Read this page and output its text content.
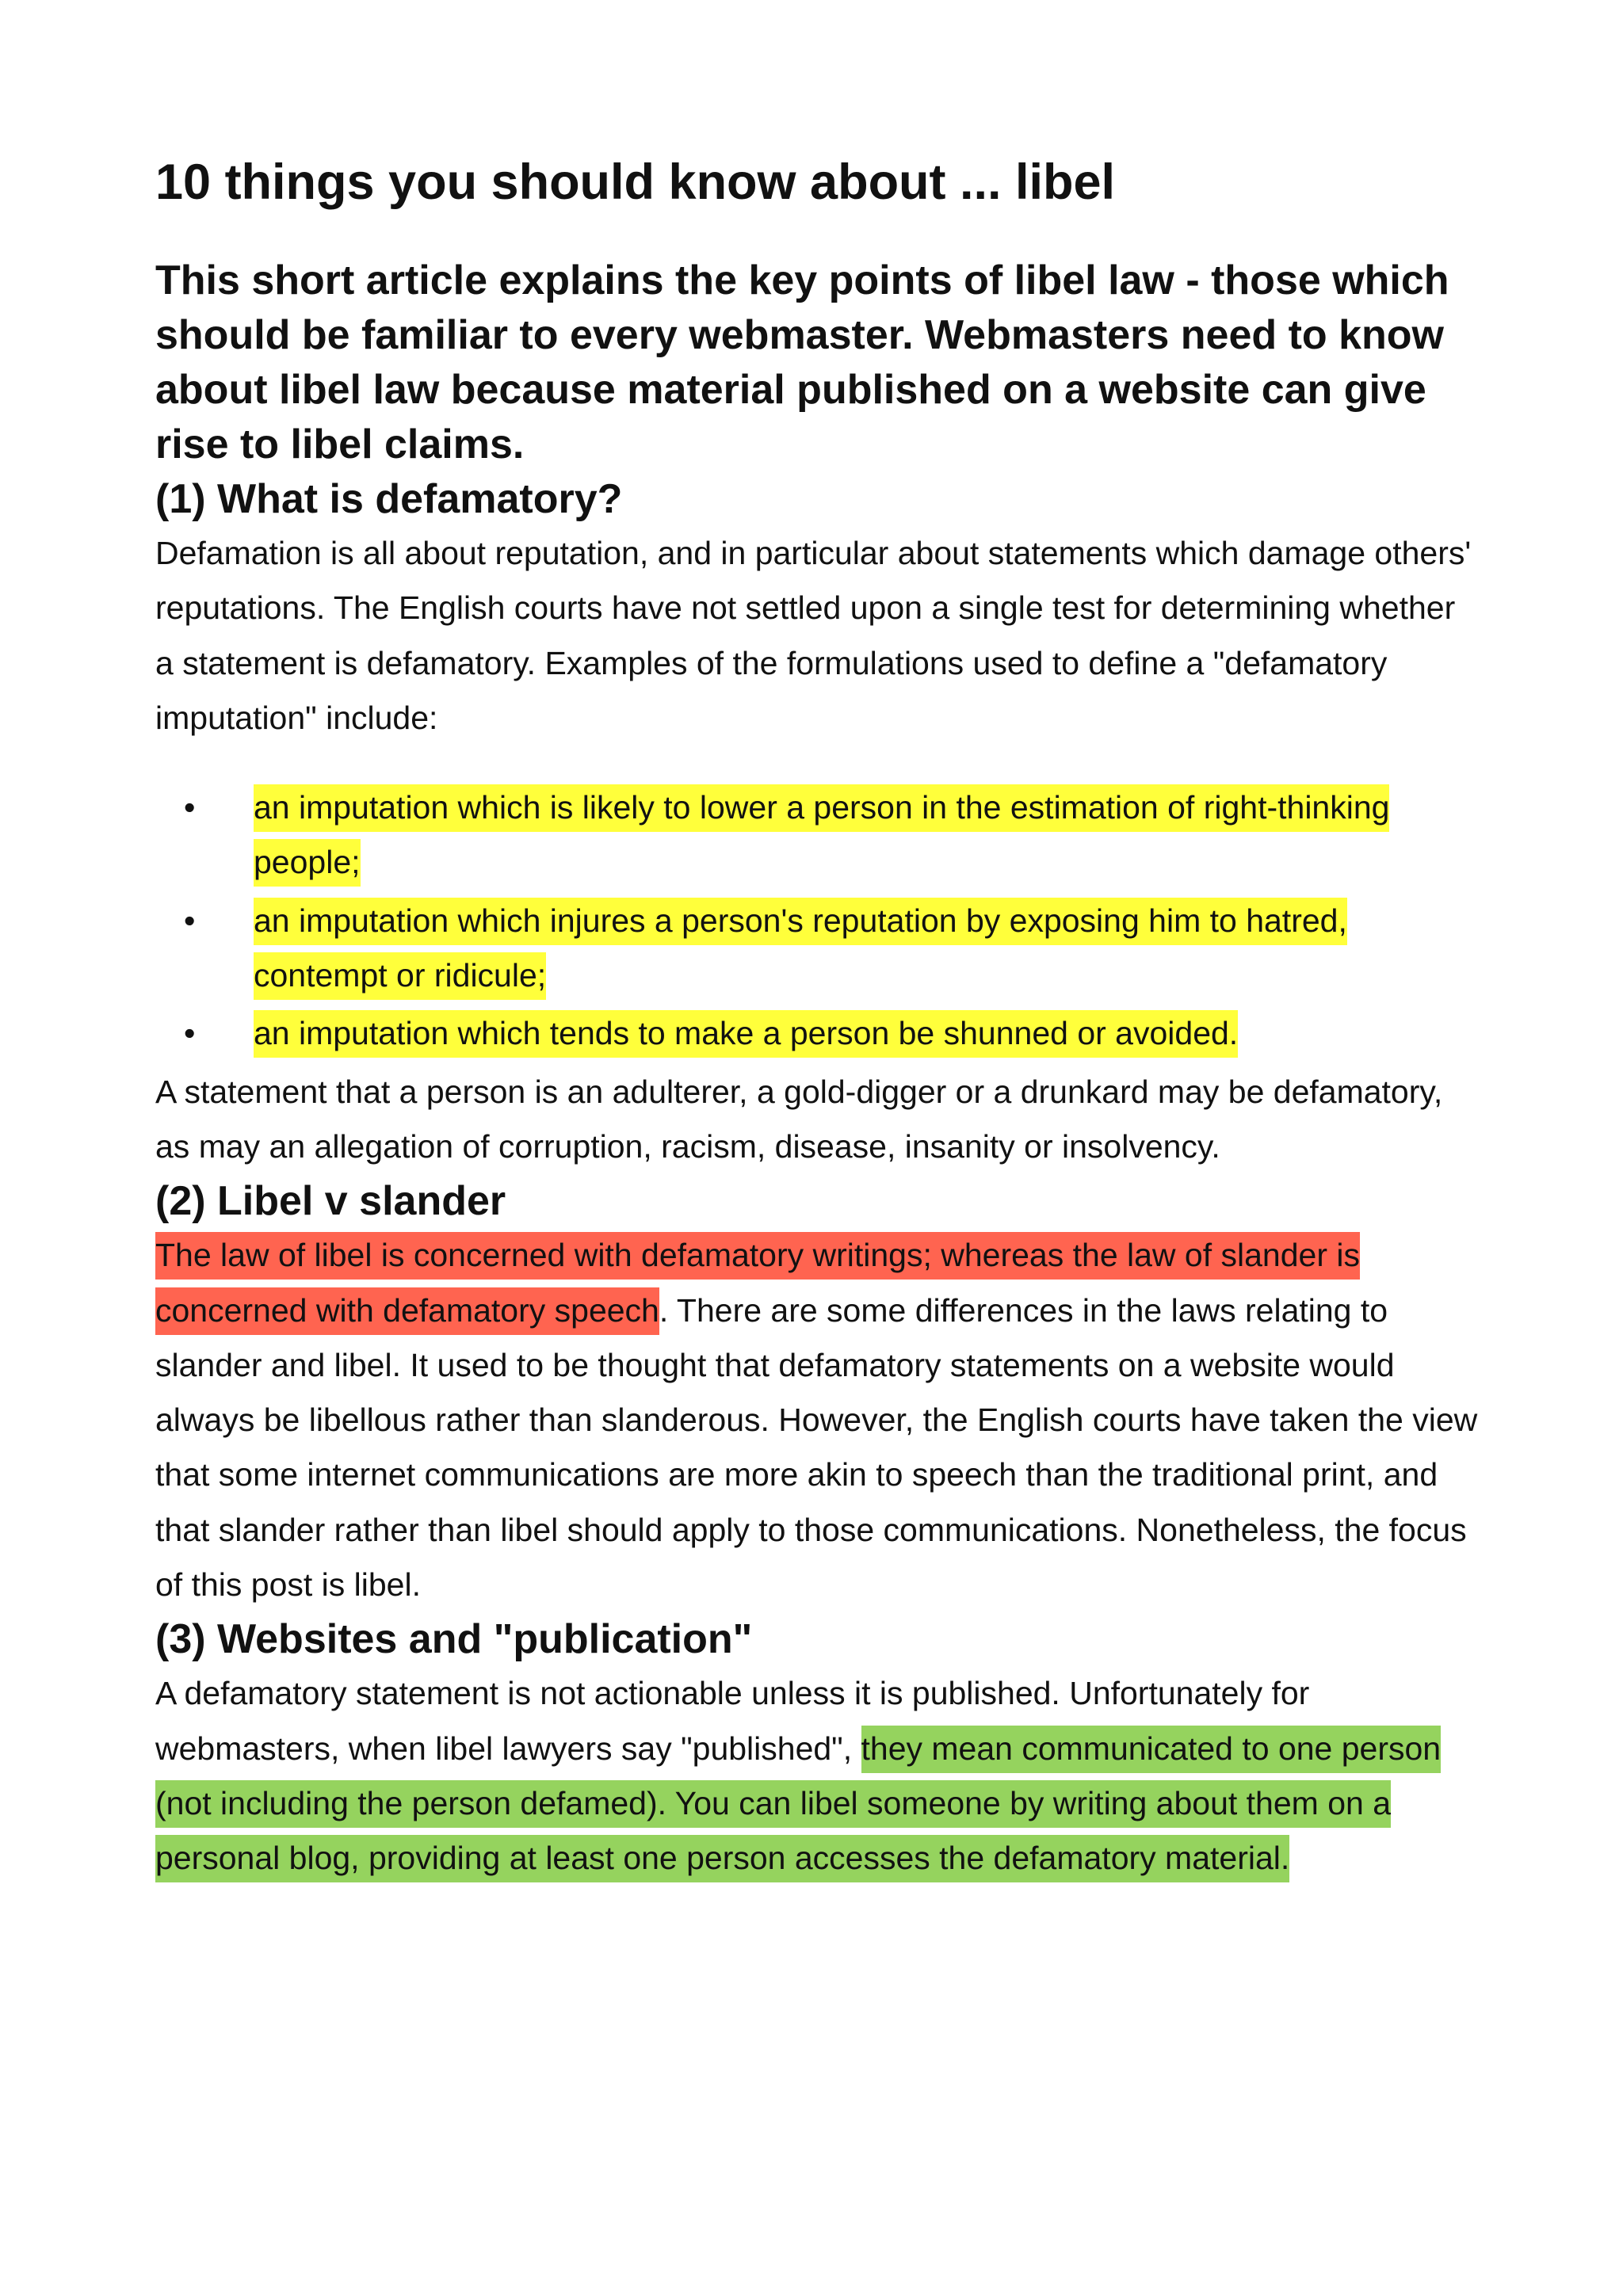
10 things you should know about ... libel

This short article explains the key points of libel law - those which should be familiar to every webmaster. Webmasters need to know about libel law because material published on a website can give rise to libel claims.

(1) What is defamatory?

Defamation is all about reputation, and in particular about statements which damage others' reputations. The English courts have not settled upon a single test for determining whether a statement is defamatory. Examples of the formulations used to define a "defamatory imputation" include:

• an imputation which is likely to lower a person in the estimation of right-thinking people;
• an imputation which injures a person's reputation by exposing him to hatred, contempt or ridicule;
• an imputation which tends to make a person be shunned or avoided.

A statement that a person is an adulterer, a gold-digger or a drunkard may be defamatory, as may an allegation of corruption, racism, disease, insanity or insolvency.

(2) Libel v slander

The law of libel is concerned with defamatory writings; whereas the law of slander is concerned with defamatory speech. There are some differences in the laws relating to slander and libel. It used to be thought that defamatory statements on a website would always be libellous rather than slanderous. However, the English courts have taken the view that some internet communications are more akin to speech than the traditional print, and that slander rather than libel should apply to those communications. Nonetheless, the focus of this post is libel.

(3) Websites and "publication"

A defamatory statement is not actionable unless it is published. Unfortunately for webmasters, when libel lawyers say "published", they mean communicated to one person (not including the person defamed). You can libel someone by writing about them on a personal blog, providing at least one person accesses the defamatory material.
